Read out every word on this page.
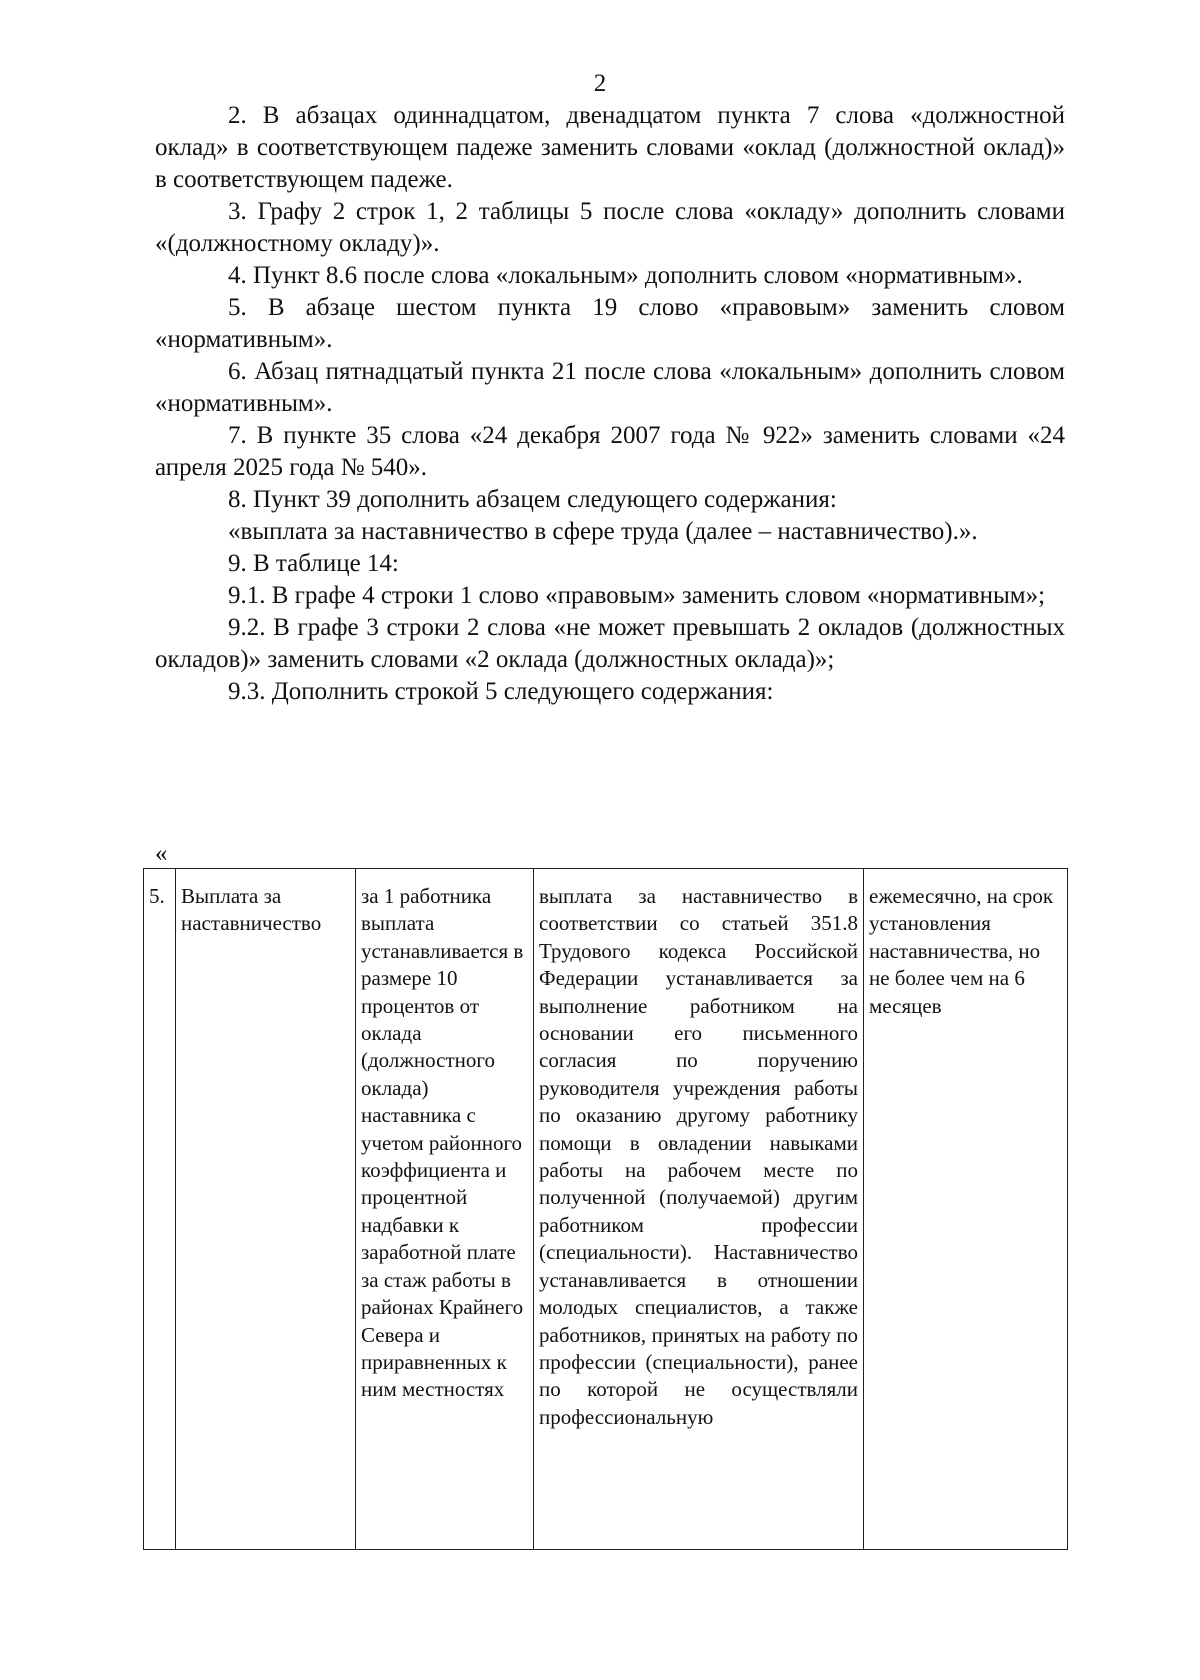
2

2. В абзацах одиннадцатом, двенадцатом пункта 7 слова «должностной оклад» в соответствующем падеже заменить словами «оклад (должностной оклад)» в соответствующем падеже.

3. Графу 2 строк 1, 2 таблицы 5 после слова «окладу» дополнить словами «(должностному окладу)».

4. Пункт 8.6 после слова «локальным» дополнить словом «нормативным».

5. В абзаце шестом пункта 19 слово «правовым» заменить словом «нормативным».

6. Абзац пятнадцатый пункта 21 после слова «локальным» дополнить словом «нормативным».

7. В пункте 35 слова «24 декабря 2007 года № 922» заменить словами «24 апреля 2025 года № 540».

8. Пункт 39 дополнить абзацем следующего содержания:

«выплата за наставничество в сфере труда (далее – наставничество).».

9. В таблице 14:

9.1. В графе 4 строки 1 слово «правовым» заменить словом «нормативным»;

9.2. В графе 3 строки 2 слова «не может превышать 2 окладов (должностных окладов)» заменить словами «2 оклада (должностных оклада)»;

9.3. Дополнить строкой 5 следующего содержания:

«
5.	Выплата за наставничество	за 1 работника выплата устанавливается в размере 10 процентов от оклада (должностного оклада) наставника с учетом районного коэффициента и процентной надбавки к заработной плате за стаж работы в районах Крайнего Севера и приравненных к ним местностях	выплата за наставничество в соответствии со статьей 351.8 Трудового кодекса Российской Федерации устанавливается за выполнение работником на основании его письменного согласия по поручению руководителя учреждения работы по оказанию другому работнику помощи в овладении навыками работы на рабочем месте по полученной (получаемой) другим работником профессии (специальности). Наставничество устанавливается в отношении молодых специалистов, а также работников, принятых на работу по профессии (специальности), ранее по которой не осуществляли профессиональную	ежемесячно, на срок установления наставничества, но не более чем на 6 месяцев
